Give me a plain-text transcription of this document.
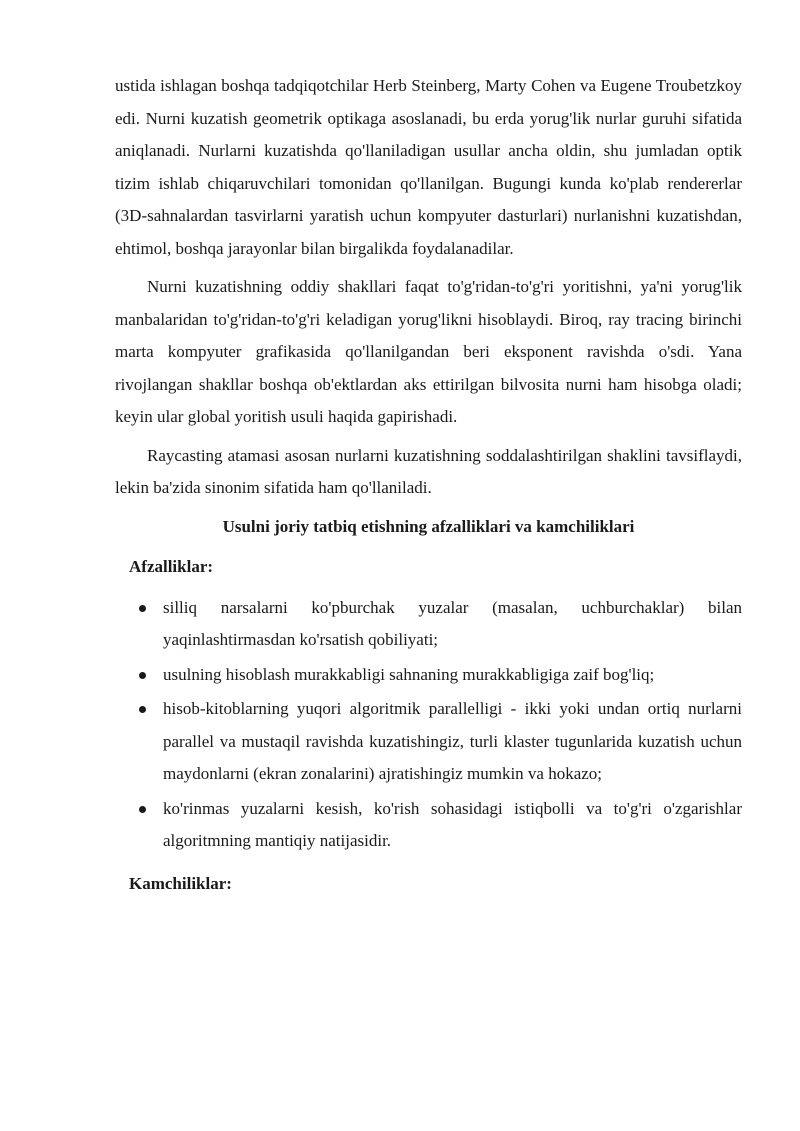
ustida ishlagan boshqa tadqiqotchilar Herb Steinberg, Marty Cohen va Eugene Troubetzkoy edi. Nurni kuzatish geometrik optikaga asoslanadi, bu erda yorug'lik nurlar guruhi sifatida aniqlanadi. Nurlarni kuzatishda qo'llaniladigan usullar ancha oldin, shu jumladan optik tizim ishlab chiqaruvchilari tomonidan qo'llanilgan. Bugungi kunda ko'plab rendererlar (3D-sahnalardan tasvirlarni yaratish uchun kompyuter dasturlari) nurlanishni kuzatishdan, ehtimol, boshqa jarayonlar bilan birgalikda foydalanadilar.

Nurni kuzatishning oddiy shakllari faqat to'g'ridan-to'g'ri yoritishni, ya'ni yorug'lik manbalaridan to'g'ridan-to'g'ri keladigan yorug'likni hisoblaydi. Biroq, ray tracing birinchi marta kompyuter grafikasida qo'llanilgandan beri eksponent ravishda o'sdi. Yana rivojlangan shakllar boshqa ob'ektlardan aks ettirilgan bilvosita nurni ham hisobga oladi; keyin ular global yoritish usuli haqida gapirishadi.

Raycasting atamasi asosan nurlarni kuzatishning soddalashtirilgan shaklini tavsiflaydi, lekin ba'zida sinonim sifatida ham qo'llaniladi.

Usulni joriy tatbiq etishning afzalliklari va kamchiliklari
Afzalliklar:
silliq narsalarni ko'pburchak yuzalar (masalan, uchburchaklar) bilan yaqinlashtirmasdan ko'rsatish qobiliyati;
usulning hisoblash murakkabligi sahnaning murakkabligiga zaif bog'liq;
hisob-kitoblarning yuqori algoritmik parallelligi - ikki yoki undan ortiq nurlarni parallel va mustaqil ravishda kuzatishingiz, turli klaster tugunlarida kuzatish uchun maydonlarni (ekran zonalarini) ajratishingiz mumkin va hokazo;
ko'rinmas yuzalarni kesish, ko'rish sohasidagi istiqbolli va to'g'ri o'zgarishlar algoritmning mantiqiy natijasidir.
Kamchiliklar:
